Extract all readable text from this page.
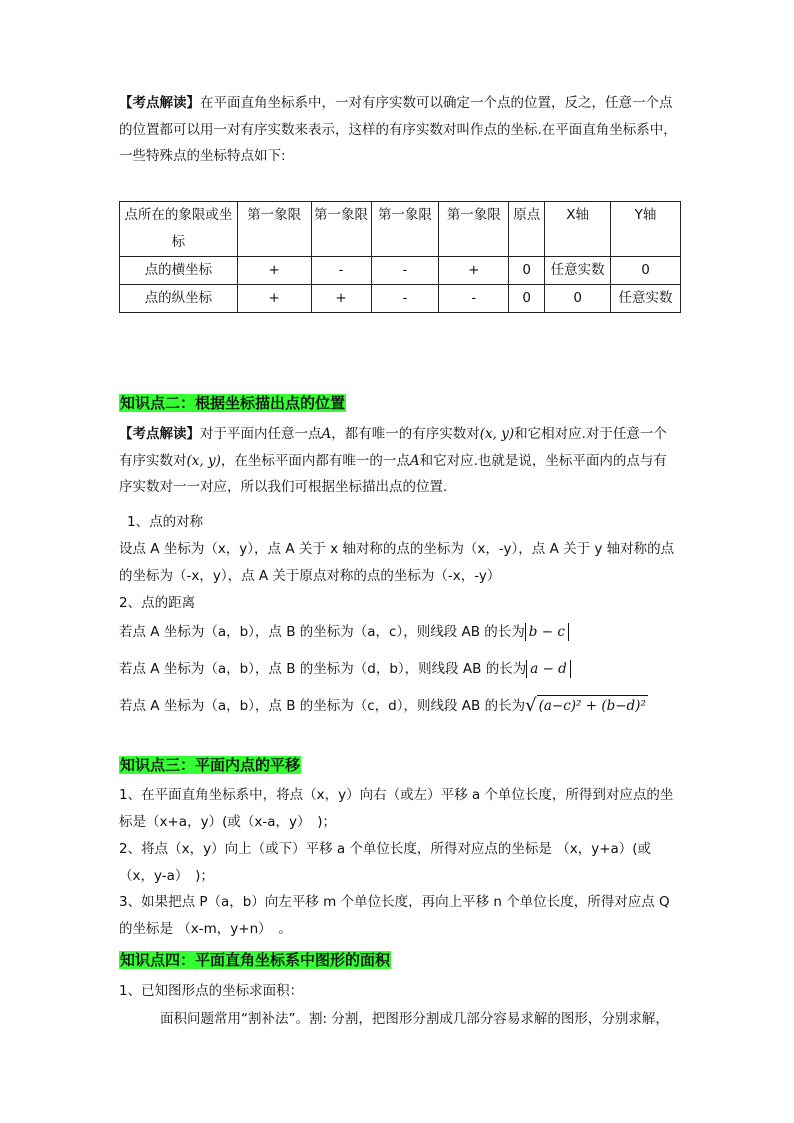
【考点解读】在平面直角坐标系中，一对有序实数可以确定一个点的位置，反之，任意一个点的位置都可以用一对有序实数来表示，这样的有序实数对叫作点的坐标.在平面直角坐标系中，一些特殊点的坐标特点如下:
点所在的象限或坐标	第一象限	第一象限	第一象限	第一象限	原点	X轴	Y轴
点的横坐标	+	-	-	+	0	任意实数	0
点的纵坐标	+	+	-	-	0	0	任意实数
知识点二：根据坐标描出点的位置
【考点解读】对于平面内任意一点A，都有唯一的有序实数对(x, y)和它相对应.对于任意一个有序实数对(x, y)，在坐标平面内都有唯一的一点A和它对应.也就是说，坐标平面内的点与有序实数对一一对应，所以我们可根据坐标描出点的位置.
1、点的对称
设点 A 坐标为（x，y），点 A 关于 x 轴对称的点的坐标为（x，-y），点 A 关于 y 轴对称的点的坐标为（-x，y），点 A 关于原点对称的点的坐标为（-x，-y）
2、点的距离
若点 A 坐标为（a，b），点 B 的坐标为（a，c），则线段 AB 的长为 b − c
若点 A 坐标为（a，b），点 B 的坐标为（d，b），则线段 AB 的长为 a − d
若点 A 坐标为（a，b），点 B 的坐标为（c，d），则线段 AB 的长为 √ (a−c)² + (b−d)²
知识点三：平面内点的平移
1、在平面直角坐标系中，将点（x，y）向右（或左）平移 a 个单位长度，所得到对应点的坐标是（x+a，y）(或（x-a，y）　)；
2、将点（x，y）向上（或下）平移 a 个单位长度，所得对应点的坐标是 （x，y+a）(或（x，y-a）　)；
3、如果把点 P（a，b）向左平移 m 个单位长度，再向上平移 n 个单位长度，所得对应点 Q 的坐标是 （x-m，y+n）　。
知识点四：平面直角坐标系中图形的面积
1、已知图形点的坐标求面积：
面积问题常用“割补法”。割: 分割，把图形分割成几部分容易求解的图形，分别求解，
